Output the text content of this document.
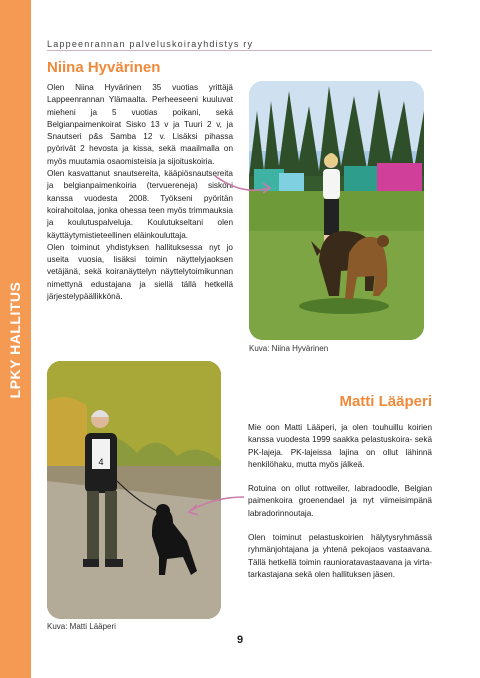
LPKY HALLITUS
Lappeenrannan palveluskoirayhdistys ry
Niina Hyvärinen

Olen Niina Hyvärinen 35 vuotias yrittäjä Lappeenrannan Ylämaalta. Perheeseeni kuuluvat mieheni ja 5 vuotias poikani, sekä Belgianpaimenkoirat Sisko 13 v ja Tuuri 2 v, ja Snautseri p&s Samba 12 v. Lisäksi pihassa pyörivät 2 hevosta ja kissa, sekä maailmalla on myös muutamia osaomisteisia ja sijoituskoiria.

Olen kasvattanut snautsereita, kääpiösnautsereita ja belgianpaimenkoiria (tervuereneja) siskoni kanssa vuodesta 2008. Työkseni pyöritän koirahoitolaa, jonka ohessa teen myös trimmauksia ja koulutuspalveluja. Koulutukseltani olen käyttäytymistieteellinen eläinkouluttaja.

Olen toiminut yhdistyksen hallituksessa nyt jo useita vuosia, lisäksi toimin näyttelyjaoksen vetäjänä, sekä koiranäyttelyn näyttelytoimikunnan nimettynä edustajana ja siellä tällä hetkellä järjestelypäällikkönä.

Kuva: Niina Hyvärinen
4
Kuva: Matti Lääperi
Matti Lääperi

Mie oon Matti Lääperi, ja olen touhuillu koirien kanssa vuodesta 1999 saakka pelastuskoira- sekä PK-lajeja. PK-lajeissa lajina on ollut lähinnä henkilöhaku, mutta myös jälkeä.

Rotuina on ollut rottweiler, labradoodle, Belgian paimenkoira groenendael ja nyt viimeisimpänä labradorinnoutaja.

Olen toiminut pelastuskoirien hälytysryhmässä ryhmänjohtajana ja yhtenä pekojaos vastaavana. Tällä hetkellä toimin raunioratavastaavana ja virta-tarkastajana sekä olen hallituksen jäsen.

9
